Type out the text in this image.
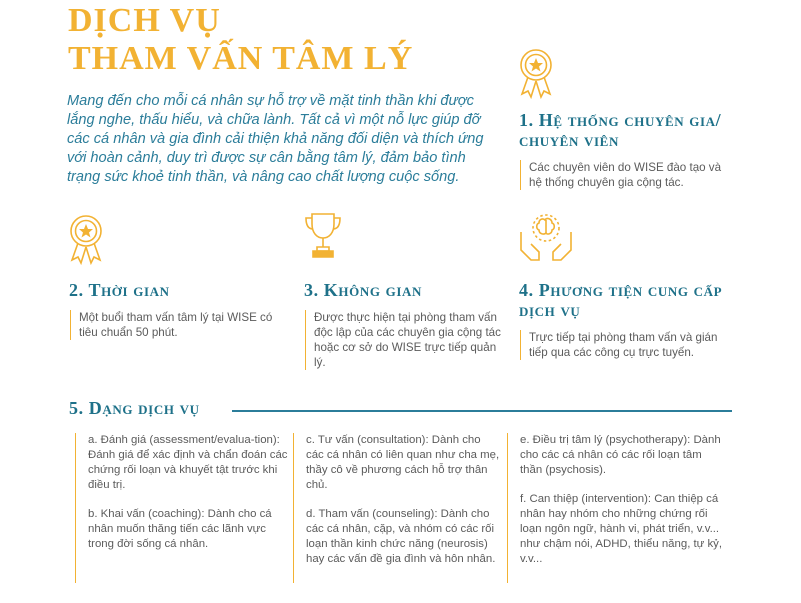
DỊCH VỤ
THAM VẤN TÂM LÝ

Mang đến cho mỗi cá nhân sự hỗ trợ về mặt tinh thần khi được lắng nghe, thấu hiểu, và chữa lành. Tất cả vì một nỗ lực giúp đỡ các cá nhân và gia đình cải thiện khả năng đối diện và thích ứng với hoàn cảnh, duy trì được sự cân bằng tâm lý, đảm bảo tình trạng sức khoẻ tinh thần, và nâng cao chất lượng cuộc sống.

1. Hệ thống chuyên gia/ chuyên viên

Các chuyên viên do WISE đào tạo và hệ thống chuyên gia cộng tác.

2. Thời gian

Một buổi tham vấn tâm lý tại WISE có tiêu chuẩn 50 phút.

3. Không gian

Được thực hiện tại phòng tham vấn độc lập của các chuyên gia cộng tác hoặc cơ sở do WISE trực tiếp quản lý.

4. Phương tiện cung cấp dịch vụ

Trực tiếp tại phòng tham vấn và gián tiếp qua các công cụ trực tuyến.

5. Dạng dịch vụ

a. Đánh giá (assessment/evalua-tion): Đánh giá để xác định và chẩn đoán các chứng rối loạn và khuyết tật trước khi điều trị.

b. Khai vấn (coaching): Dành cho cá nhân muốn thăng tiến các lãnh vực trong đời sống cá nhân.

c. Tư vấn (consultation): Dành cho các cá nhân có liên quan như cha mẹ, thầy cô về phương cách hỗ trợ thân chủ.

d. Tham vấn (counseling): Dành cho các cá nhân, cặp, và nhóm có các rối loạn thần kinh chức năng (neurosis) hay các vấn đề gia đình và hôn nhân.

e. Điều trị tâm lý (psychotherapy): Dành cho các cá nhân có các rối loạn tâm thần (psychosis).

f. Can thiệp (intervention): Can thiệp cá nhân hay nhóm cho những chứng rối loạn ngôn ngữ, hành vi, phát triển, v.v... như chậm nói, ADHD, thiểu năng, tự kỷ, v.v...
